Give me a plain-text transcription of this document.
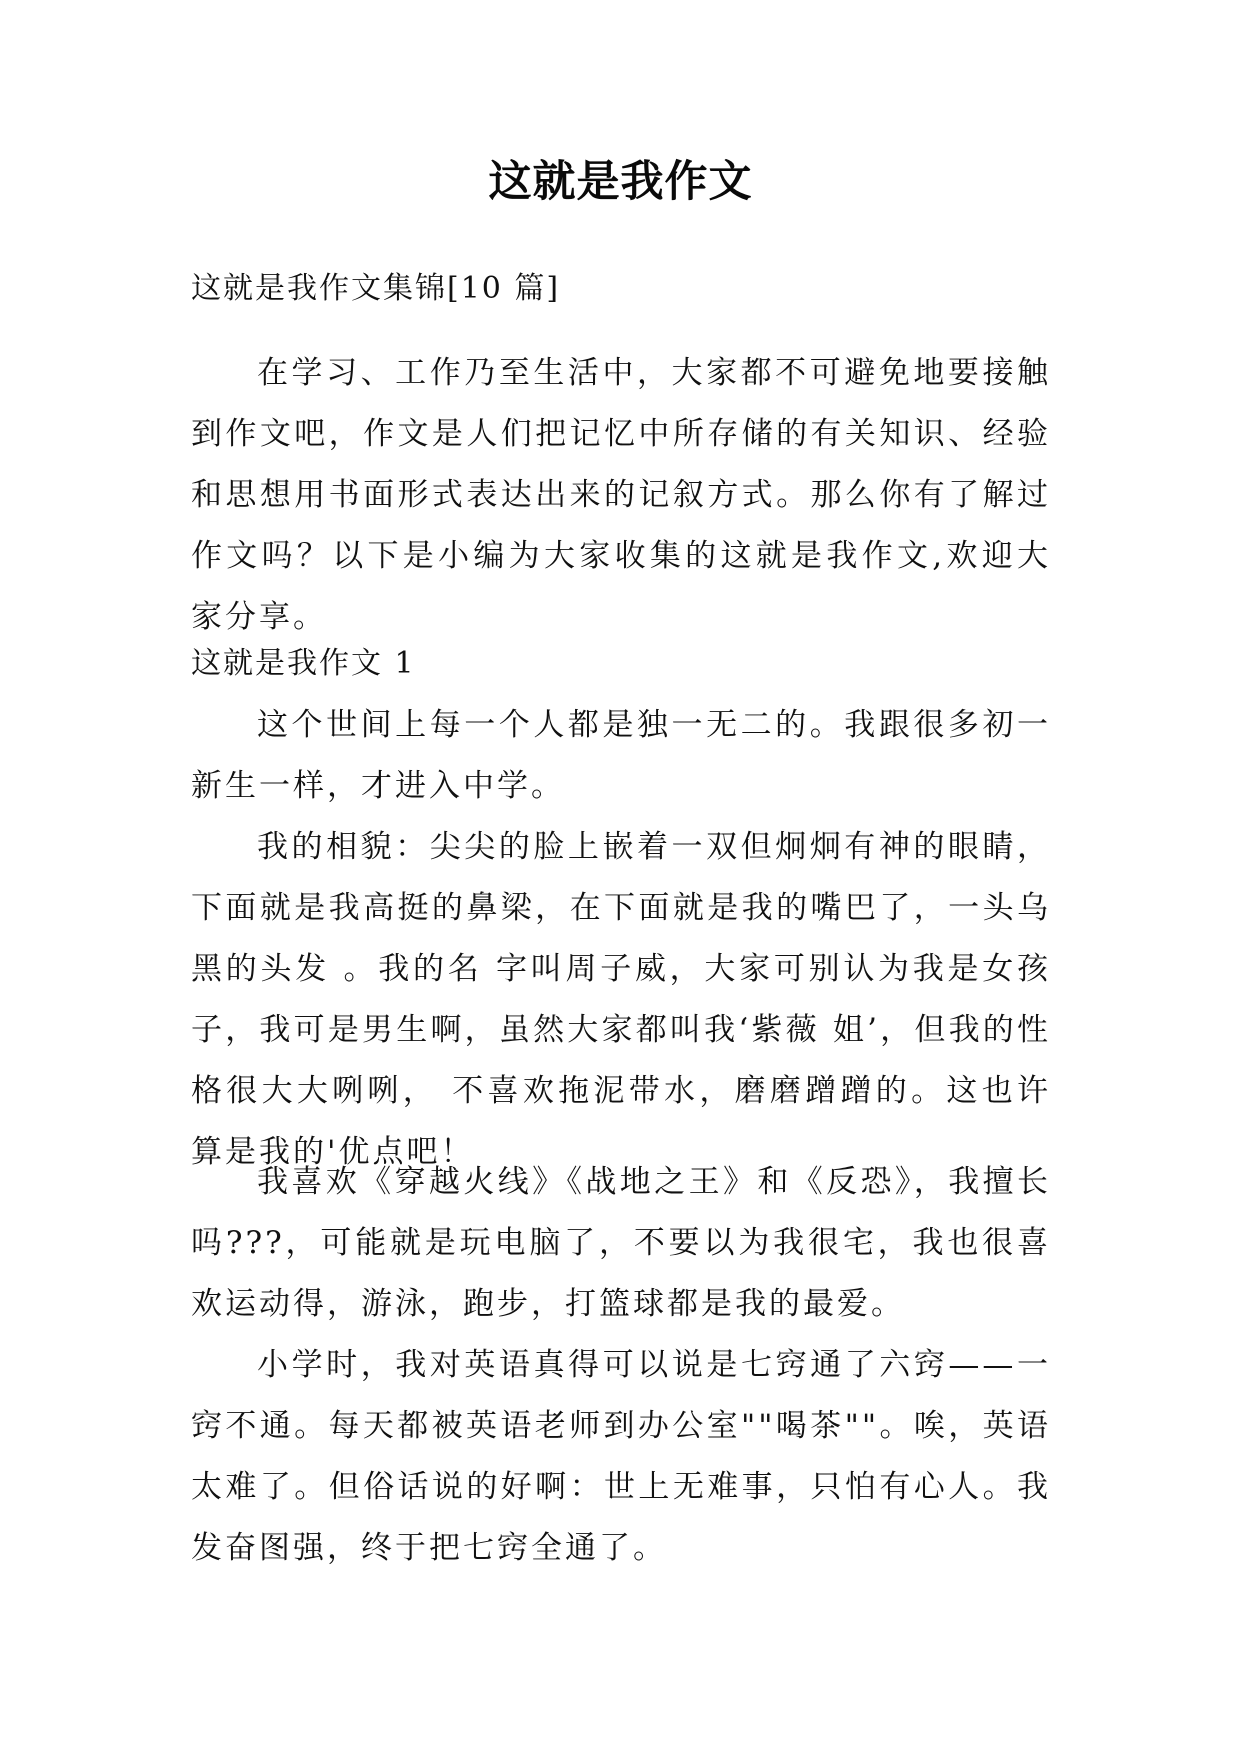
这就是我作文

这就是我作文集锦[10 篇]

在学习、工作乃至生活中，大家都不可避免地要接触到作文吧，作文是人们把记忆中所存储的有关知识、经验和思想用书面形式表达出来的记叙方式。那么你有了解过作文吗？以下是小编为大家收集的这就是我作文,欢迎大家分享。

这就是我作文 1

这个世间上每一个人都是独一无二的。我跟很多初一新生一样，才进入中学。

我的相貌：尖尖的脸上嵌着一双但炯炯有神的眼睛，下面就是我高挺的鼻梁，在下面就是我的嘴巴了，一头乌黑的头发 。我的名 字叫周子威，大家可别认为我是女孩子，我可是男生啊，虽然大家都叫我‘紫薇 姐’，但我的性格很大大咧咧， 不喜欢拖泥带水，磨磨蹭蹭的。这也许算是我的'优点吧！

我喜欢《穿越火线》《战地之王》和《反恐》，我擅长吗???，可能就是玩电脑了，不要以为我很宅，我也很喜欢运动得，游泳，跑步，打篮球都是我的最爱。

小学时，我对英语真得可以说是七窍通了六窍——一窍不通。每天都被英语老师到办公室""喝茶""。唉，英语太难了。但俗话说的好啊：世上无难事，只怕有心人。我发奋图强，终于把七窍全通了。
